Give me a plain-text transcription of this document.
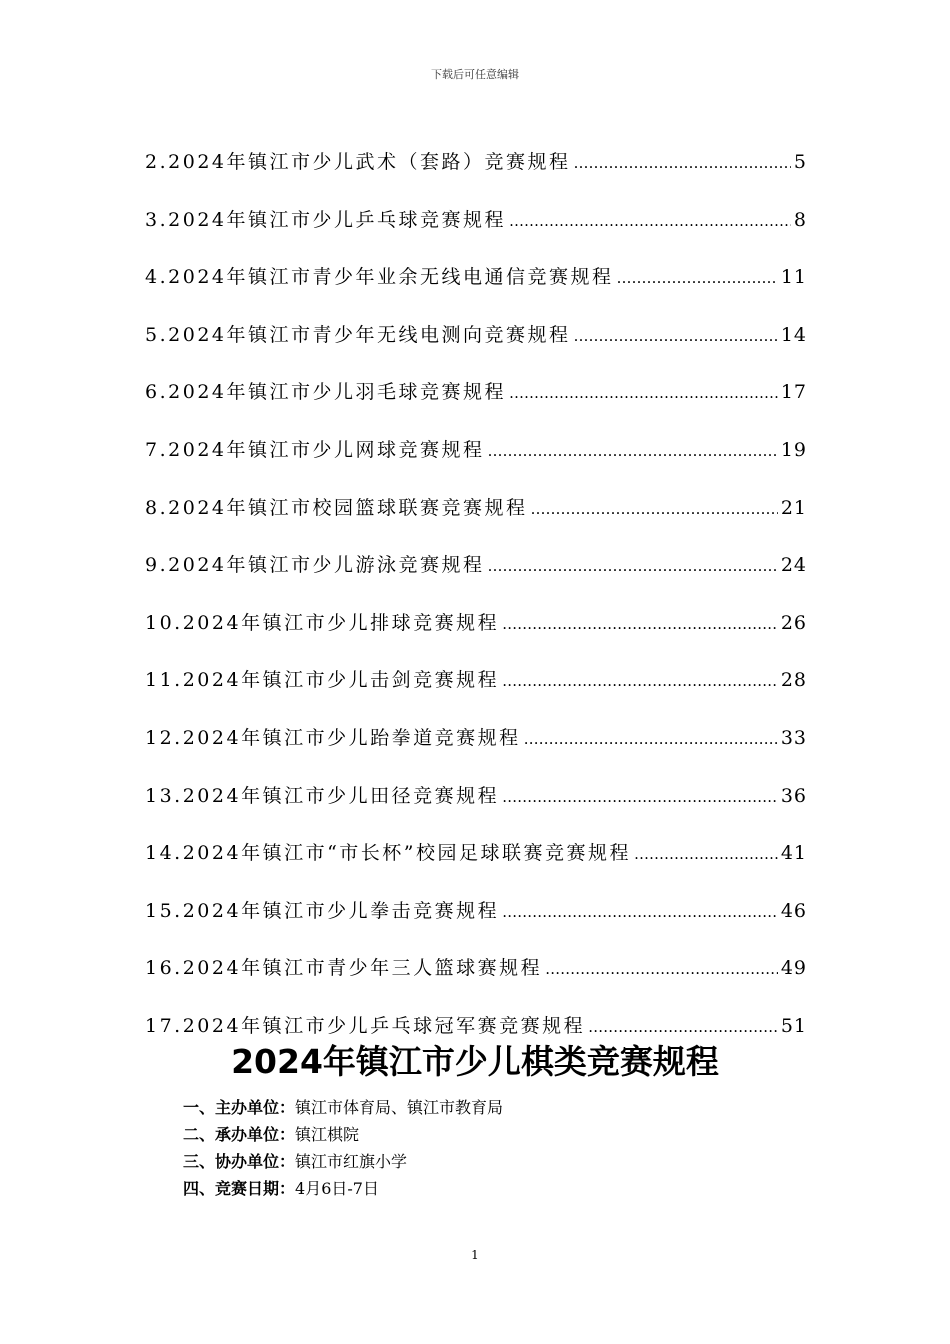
下载后可任意编辑
2. 2024年镇江市少儿武术（套路）竞赛规程 ……………………………………………………………………………………	5
3. 2024年镇江市少儿乒乓球竞赛规程 ……………………………………………………………………………………	8
4. 2024年镇江市青少年业余无线电通信竞赛规程 ……………………………………………………………………………………	11
5. 2024年镇江市青少年无线电测向竞赛规程 ……………………………………………………………………………………	14
6. 2024年镇江市少儿羽毛球竞赛规程 ……………………………………………………………………………………	17
7. 2024年镇江市少儿网球竞赛规程 ……………………………………………………………………………………	19
8. 2024年镇江市校园篮球联赛竞赛规程 ……………………………………………………………………………………	21
9. 2024年镇江市少儿游泳竞赛规程 ……………………………………………………………………………………	24
10. 2024年镇江市少儿排球竞赛规程 ……………………………………………………………………………………	26
11. 2024年镇江市少儿击剑竞赛规程 ……………………………………………………………………………………	28
12. 2024年镇江市少儿跆拳道竞赛规程 ……………………………………………………………………………………	33
13. 2024年镇江市少儿田径竞赛规程 ……………………………………………………………………………………	36
14. 2024年镇江市“市长杯”校园足球联赛竞赛规程 ……………………………………………………………………………………	41
15. 2024年镇江市少儿拳击竞赛规程 ……………………………………………………………………………………	46
16. 2024年镇江市青少年三人篮球赛规程 ……………………………………………………………………………………	49
17. 2024年镇江市少儿乒乓球冠军赛竞赛规程 ……………………………………………………………………………………	51
2024年镇江市少儿棋类竞赛规程
一、主办单位：镇江市体育局、镇江市教育局
二、承办单位：镇江棋院
三、协办单位：镇江市红旗小学
四、竞赛日期：4月6日-7日
1
